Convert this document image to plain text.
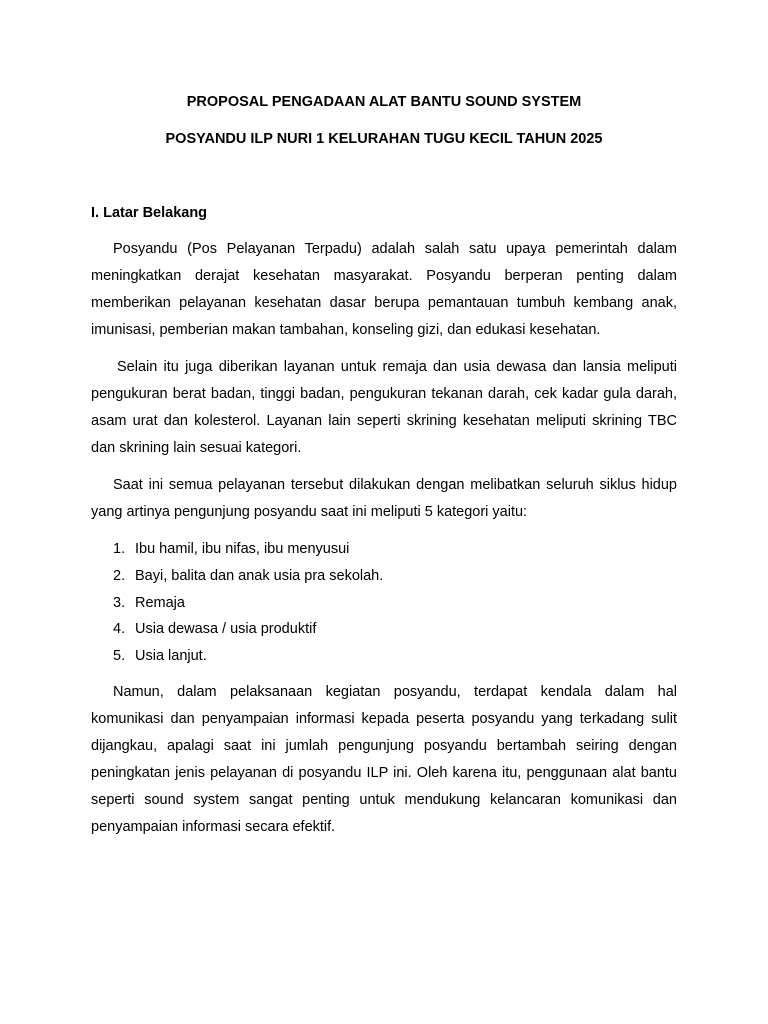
PROPOSAL PENGADAAN ALAT BANTU SOUND SYSTEM
POSYANDU ILP NURI 1 KELURAHAN TUGU KECIL TAHUN 2025
I. Latar Belakang

Posyandu (Pos Pelayanan Terpadu) adalah salah satu upaya pemerintah dalam meningkatkan derajat kesehatan masyarakat. Posyandu berperan penting dalam memberikan pelayanan kesehatan dasar berupa pemantauan tumbuh kembang anak, imunisasi, pemberian makan tambahan, konseling gizi, dan edukasi kesehatan.

Selain itu juga diberikan layanan untuk remaja dan usia dewasa dan lansia meliputi pengukuran berat badan, tinggi badan, pengukuran tekanan darah, cek kadar gula darah, asam urat dan kolesterol. Layanan lain seperti skrining kesehatan meliputi skrining TBC dan skrining lain sesuai kategori.

Saat ini semua pelayanan tersebut dilakukan dengan melibatkan seluruh siklus hidup yang artinya pengunjung posyandu saat ini meliputi 5 kategori yaitu:

1. Ibu hamil, ibu nifas, ibu menyusui
2. Bayi, balita dan anak usia pra sekolah.
3. Remaja
4. Usia dewasa / usia produktif
5. Usia lanjut.

Namun, dalam pelaksanaan kegiatan posyandu, terdapat kendala dalam hal komunikasi dan penyampaian informasi kepada peserta posyandu yang terkadang sulit dijangkau, apalagi saat ini jumlah pengunjung posyandu bertambah seiring dengan peningkatan jenis pelayanan di posyandu ILP ini. Oleh karena itu, penggunaan alat bantu seperti sound system sangat penting untuk mendukung kelancaran komunikasi dan penyampaian informasi secara efektif.
